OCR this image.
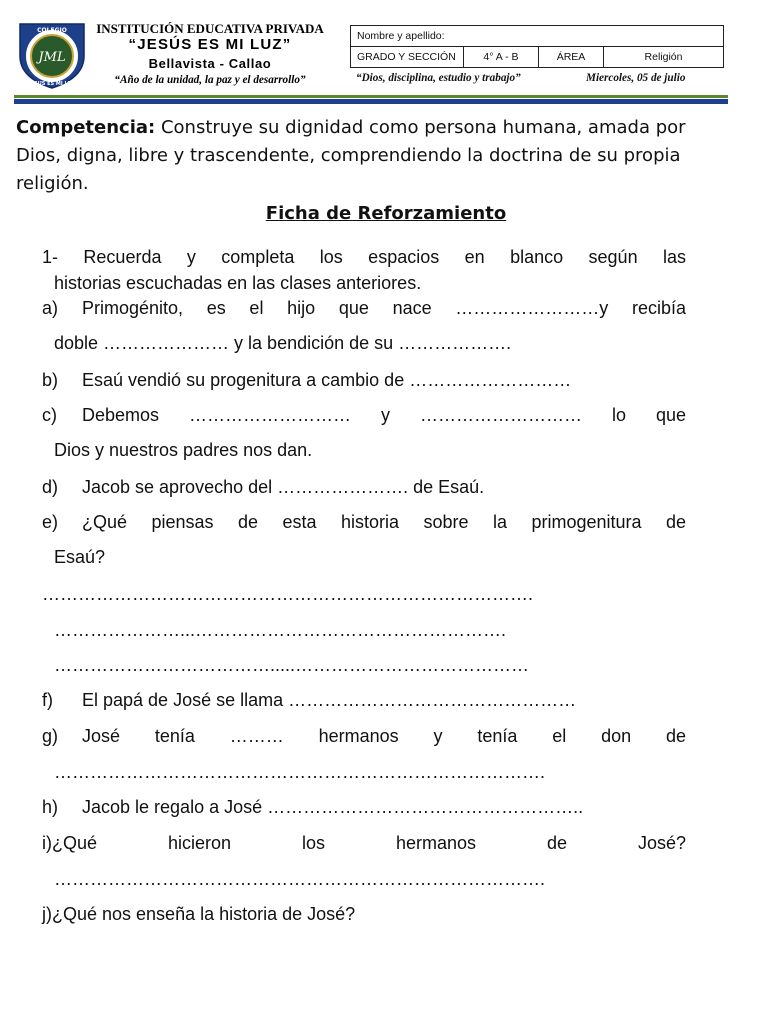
JML
COLEGIO
JESUS ES MI LUZ
INSTITUCIÓN EDUCATIVA PRIVADA
“JESÚS ES MI LUZ”
Bellavista - Callao
“Año de la unidad, la paz y el desarrollo”
Nombre y apellido:
GRADO Y SECCIÓN	4° A - B	ÁREA	Religión
“Dios, disciplina, estudio y trabajo”	Miercoles, 05 de julio
Competencia: Construye su dignidad como persona humana, amada por Dios, digna, libre y trascendente, comprendiendo la doctrina de su propia religión.
Ficha de Reforzamiento
1- Recuerda y completa los espacios en blanco según las
historias escuchadas en las clases anteriores.
a) Primogénito, es el hijo que nace ……………………y recibía
doble ………………… y la bendición de su ……………….
b) Esaú vendió su progenitura a cambio de ………………………
c) Debemos ……………………… y ……………………… lo que
Dios y nuestros padres nos dan.
d) Jacob se aprovecho del …………………. de Esaú.
e) ¿Qué piensas de esta historia sobre la primogenitura de
Esaú?
……………………………………………………………………….
…………………...…………………………………………….
……………………………….....…………………………………
f) El papá de José se llama …………………………………………
g) José tenía ……… hermanos y tenía el don de
……………………………………………………………………….
h) Jacob le regalo a José ……………………………………………..
i)¿Qué hicieron los hermanos de José?
……………………………………………………………………….
j)¿Qué nos enseña la historia de José?
